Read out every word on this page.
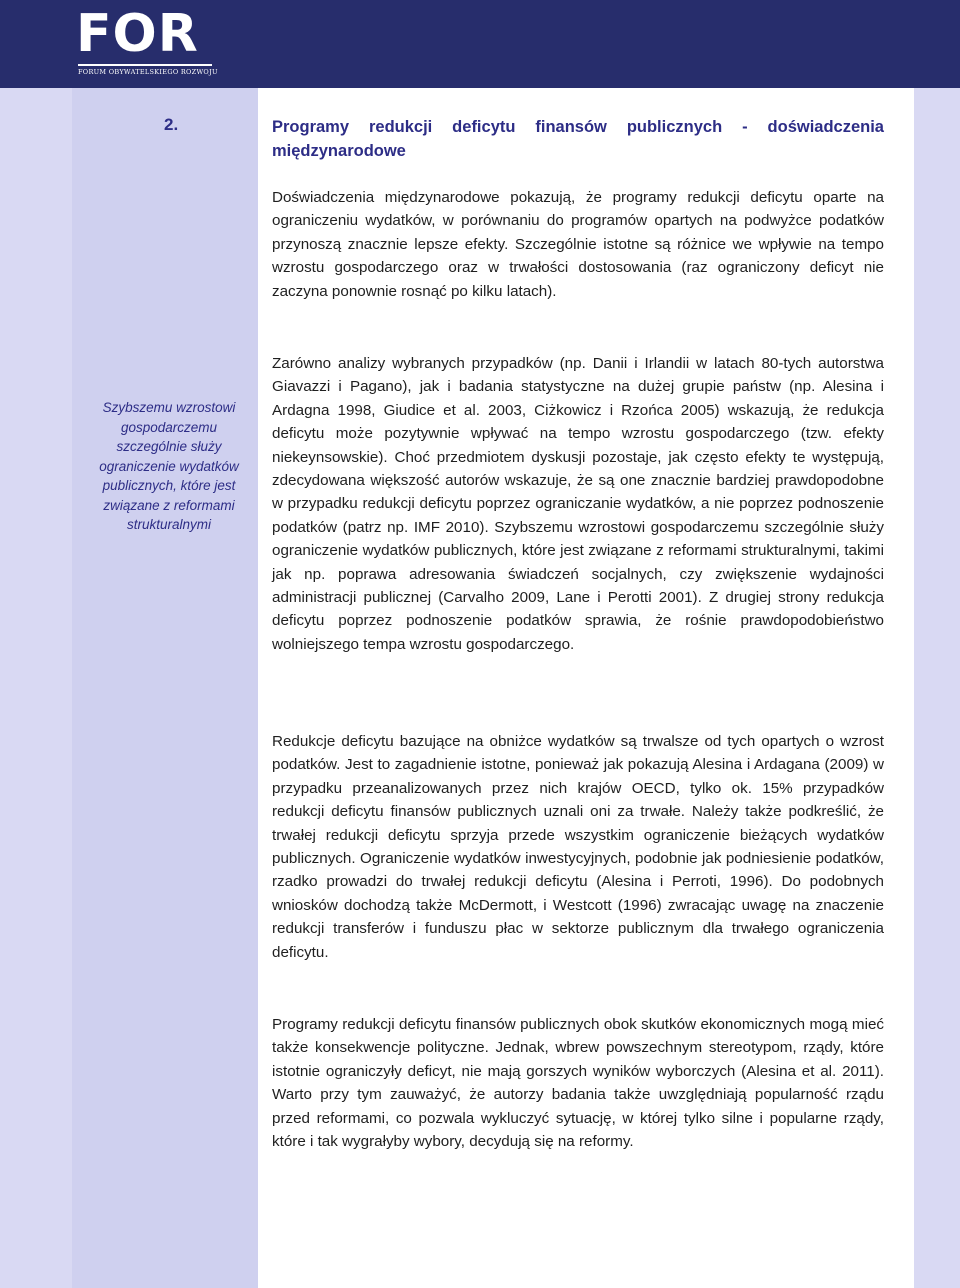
FOR
FORUM OBYWATELSKIEGO ROZWOJU
Szybszemu wzrostowi gospodarczemu szczególnie służy ograniczenie wydatków publicznych, które jest związane z reformami strukturalnymi
2.	Programy redukcji deficytu finansów publicznych - doświadczenia międzynarodowe

Doświadczenia międzynarodowe pokazują, że programy redukcji deficytu oparte na ograniczeniu wydatków, w porównaniu do programów opartych na podwyżce podatków przynoszą znacznie lepsze efekty. Szczególnie istotne są różnice we wpływie na tempo wzrostu gospodarczego oraz w trwałości dostosowania (raz ograniczony deficyt nie zaczyna ponownie rosnąć po kilku latach).

Zarówno analizy wybranych przypadków (np. Danii i Irlandii w latach 80-tych autorstwa Giavazzi i Pagano), jak i badania statystyczne na dużej grupie państw (np. Alesina i Ardagna 1998, Giudice et al. 2003, Ciżkowicz i Rzońca 2005) wskazują, że redukcja deficytu może pozytywnie wpływać na tempo wzrostu gospodarczego (tzw. efekty niekeynsowskie). Choć przedmiotem dyskusji pozostaje, jak często efekty te występują, zdecydowana większość autorów wskazuje, że są one znacznie bardziej prawdopodobne w przypadku redukcji deficytu poprzez ograniczanie wydatków, a nie poprzez podnoszenie podatków (patrz np. IMF 2010). Szybszemu wzrostowi gospodarczemu szczególnie służy ograniczenie wydatków publicznych, które jest związane z reformami strukturalnymi, takimi jak np. poprawa adresowania świadczeń socjalnych, czy zwiększenie wydajności administracji publicznej (Carvalho 2009, Lane i Perotti 2001). Z drugiej strony redukcja deficytu poprzez podnoszenie podatków sprawia, że rośnie prawdopodobieństwo wolniejszego tempa wzrostu gospodarczego.

Redukcje deficytu bazujące na obniżce wydatków są trwalsze od tych opartych o wzrost podatków. Jest to zagadnienie istotne, ponieważ jak pokazują Alesina i Ardagana (2009) w przypadku przeanalizowanych przez nich krajów OECD, tylko ok. 15% przypadków redukcji deficytu finansów publicznych uznali oni za trwałe. Należy także podkreślić, że trwałej redukcji deficytu sprzyja przede wszystkim ograniczenie bieżących wydatków publicznych. Ograniczenie wydatków inwestycyjnych, podobnie jak podniesienie podatków, rzadko prowadzi do trwałej redukcji deficytu (Alesina i Perroti, 1996). Do podobnych wniosków dochodzą także McDermott, i Westcott (1996) zwracając uwagę na znaczenie redukcji transferów i funduszu płac w sektorze publicznym dla trwałego ograniczenia deficytu.

Programy redukcji deficytu finansów publicznych obok skutków ekonomicznych mogą mieć także konsekwencje polityczne. Jednak, wbrew powszechnym stereotypom, rządy, które istotnie ograniczyły deficyt, nie mają gorszych wyników wyborczych (Alesina et al. 2011). Warto przy tym zauważyć, że autorzy badania także uwzględniają popularność rządu przed reformami, co pozwala wykluczyć sytuację, w której tylko silne i popularne rządy, które i tak wygrałyby wybory, decydują się na reformy.
